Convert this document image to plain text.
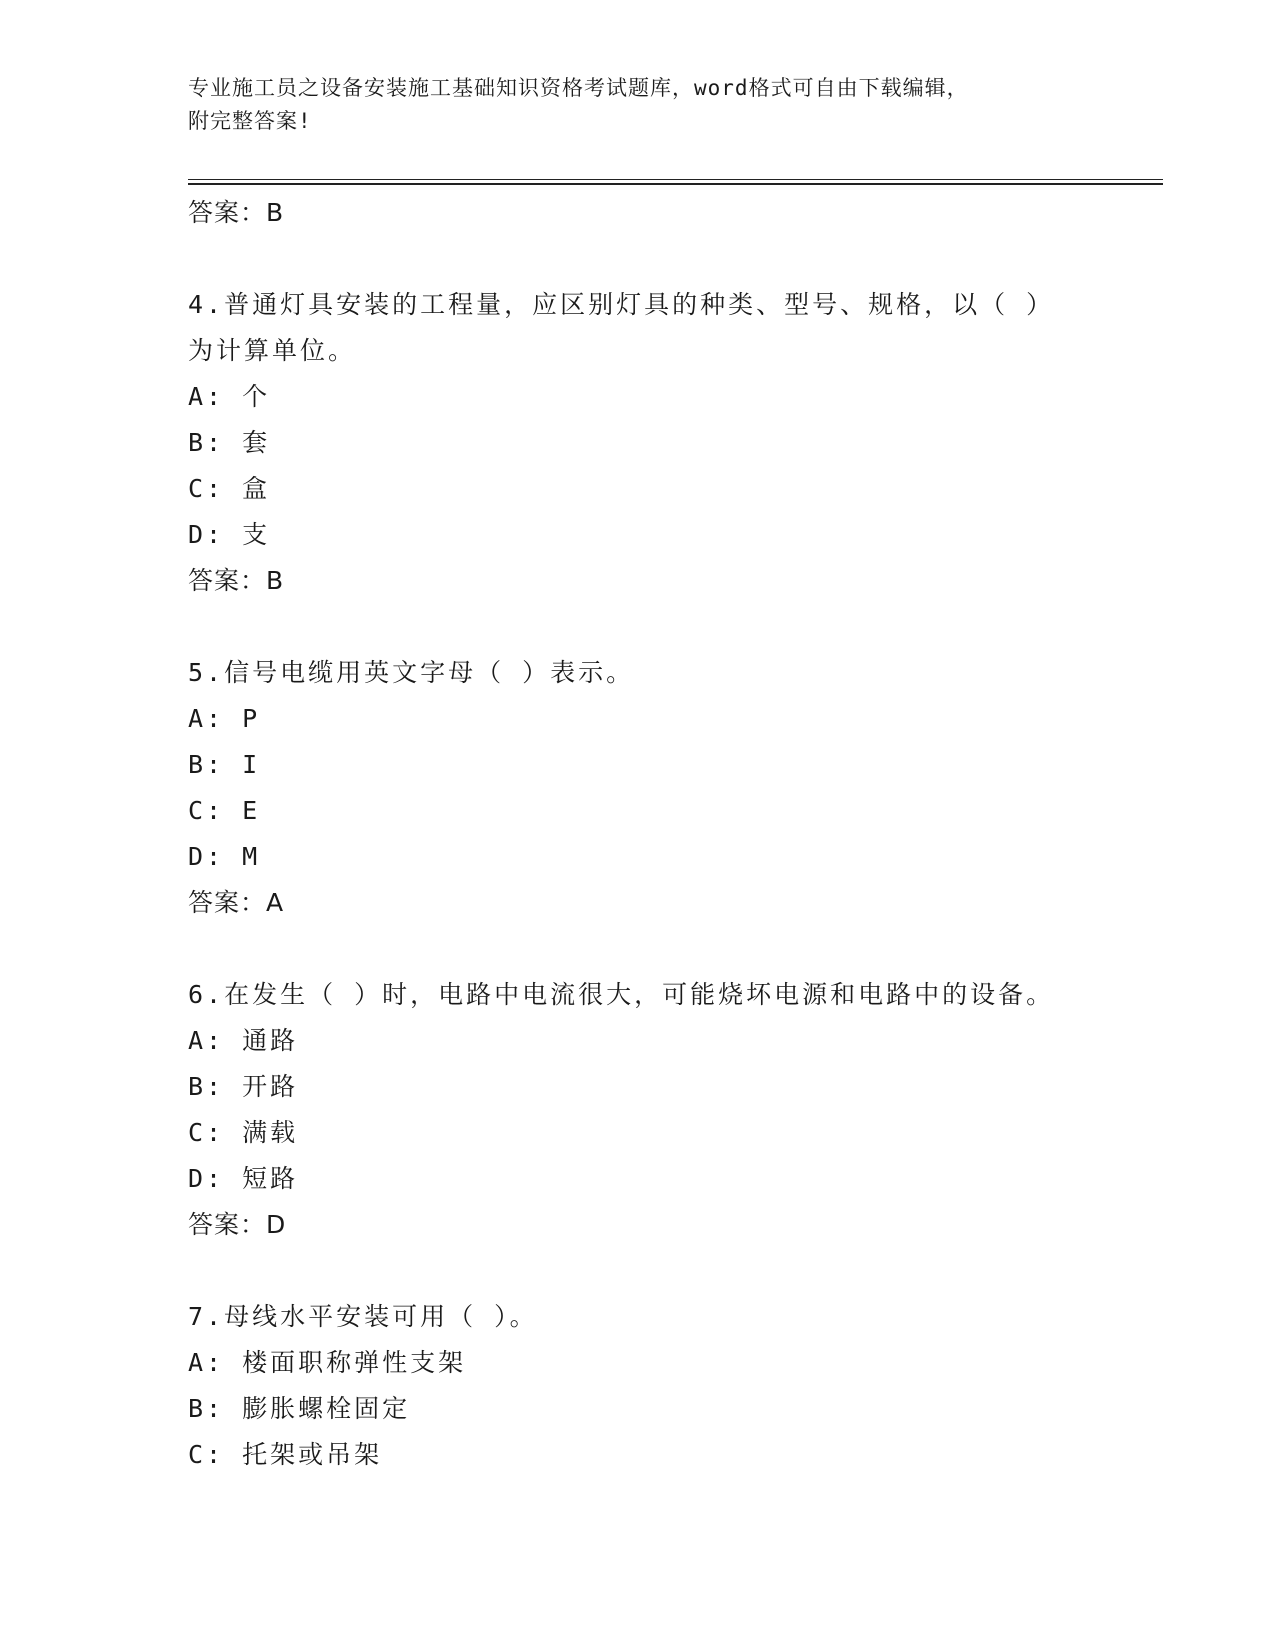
专业施工员之设备安装施工基础知识资格考试题库，word格式可自由下载编辑，
附完整答案!
答案：B
4.普通灯具安装的工程量，应区别灯具的种类、型号、规格，以（ ）为计算单位。
A: 个
B: 套
C: 盒
D: 支
答案：B
5.信号电缆用英文字母（ ）表示。
A: P
B: I
C: E
D: M
答案：A
6.在发生（ ）时，电路中电流很大，可能烧坏电源和电路中的设备。
A: 通路
B: 开路
C: 满载
D: 短路
答案：D
7.母线水平安装可用（ ）。
A: 楼面职称弹性支架
B: 膨胀螺栓固定
C: 托架或吊架
